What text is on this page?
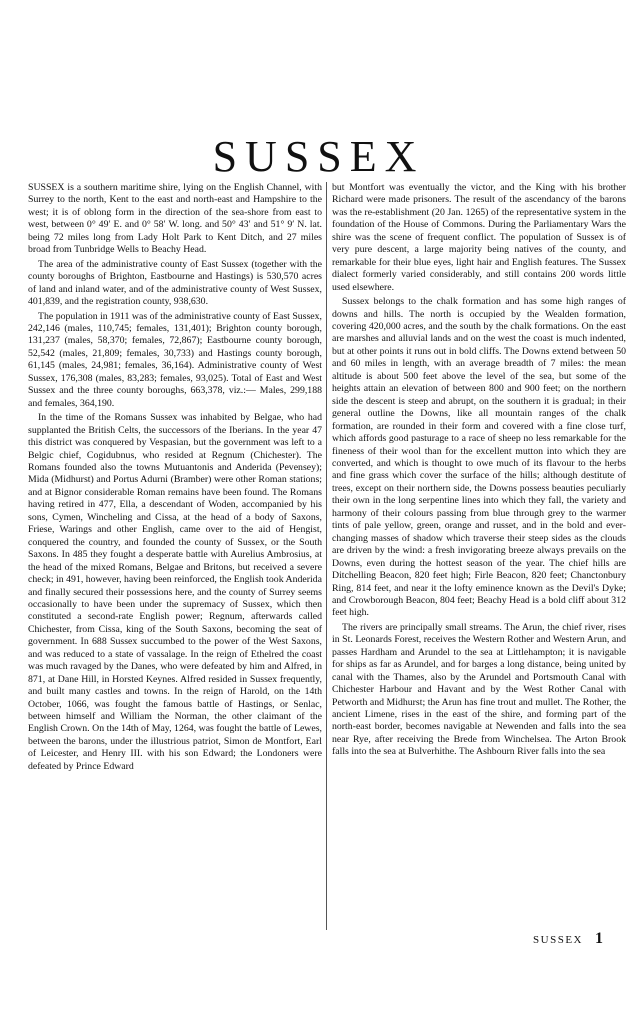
SUSSEX

SUSSEX is a southern maritime shire, lying on the English Channel, with Surrey to the north, Kent to the east and north-east and Hampshire to the west; it is of oblong form in the direction of the sea-shore from east to west, between 0° 49′ E. and 0° 58′ W. long. and 50° 43′ and 51° 9′ N. lat. being 72 miles long from Lady Holt Park to Kent Ditch, and 27 miles broad from Tunbridge Wells to Beachy Head.

The area of the administrative county of East Sussex (together with the county boroughs of Brighton, Eastbourne and Hastings) is 530,570 acres of land and inland water, and of the administrative county of West Sussex, 401,839, and the registration county, 938,630.

The population in 1911 was of the administrative county of East Sussex, 242,146 (males, 110,745; females, 131,401); Brighton county borough, 131,237 (males, 58,370; females, 72,867); Eastbourne county borough, 52,542 (males, 21,809; females, 30,733) and Hastings county borough, 61,145 (males, 24,981; females, 36,164). Administrative county of West Sussex, 176,308 (males, 83,283; females, 93,025). Total of East and West Sussex and the three county boroughs, 663,378, viz.:— Males, 299,188 and females, 364,190.

In the time of the Romans Sussex was inhabited by Belgae, who had supplanted the British Celts, the successors of the Iberians. In the year 47 this district was conquered by Vespasian, but the government was left to a Belgic chief, Cogidubnus, who resided at Regnum (Chichester). The Romans founded also the towns Mutuantonis and Anderida (Pevensey); Mida (Midhurst) and Portus Adurni (Bramber) were other Roman stations; and at Bignor considerable Roman remains have been found. The Romans having retired in 477, Ella, a descendant of Woden, accompanied by his sons, Cymen, Wincheling and Cissa, at the head of a body of Saxons, Friese, Warings and other English, came over to the aid of Hengist, conquered the country, and founded the county of Sussex, or the South Saxons. In 485 they fought a desperate battle with Aurelius Ambrosius, at the head of the mixed Romans, Belgae and Britons, but received a severe check; in 491, however, having been reinforced, the English took Anderida and finally secured their possessions here, and the county of Surrey seems occasionally to have been under the supremacy of Sussex, which then constituted a second-rate English power; Regnum, afterwards called Chichester, from Cissa, king of the South Saxons, becoming the seat of government. In 688 Sussex succumbed to the power of the West Saxons, and was reduced to a state of vassalage. In the reign of Ethelred the coast was much ravaged by the Danes, who were defeated by him and Alfred, in 871, at Dane Hill, in Horsted Keynes. Alfred resided in Sussex frequently, and built many castles and towns. In the reign of Harold, on the 14th October, 1066, was fought the famous battle of Hastings, or Senlac, between himself and William the Norman, the other claimant of the English Crown. On the 14th of May, 1264, was fought the battle of Lewes, between the barons, under the illustrious patriot, Simon de Montfort, Earl of Leicester, and Henry III. with his son Edward; the Londoners were defeated by Prince Edward

but Montfort was eventually the victor, and the King with his brother Richard were made prisoners. The result of the ascendancy of the barons was the re-establishment (20 Jan. 1265) of the representative system in the foundation of the House of Commons. During the Parliamentary Wars the shire was the scene of frequent conflict. The population of Sussex is of very pure descent, a large majority being natives of the county, and remarkable for their blue eyes, light hair and English features. The Sussex dialect formerly varied considerably, and still contains 200 words little used elsewhere.

Sussex belongs to the chalk formation and has some high ranges of downs and hills. The north is occupied by the Wealden formation, covering 420,000 acres, and the south by the chalk formations. On the east are marshes and alluvial lands and on the west the coast is much indented, but at other points it runs out in bold cliffs. The Downs extend between 50 and 60 miles in length, with an average breadth of 7 miles: the mean altitude is about 500 feet above the level of the sea, but some of the heights attain an elevation of between 800 and 900 feet; on the northern side the descent is steep and abrupt, on the southern it is gradual; in their general outline the Downs, like all mountain ranges of the chalk formation, are rounded in their form and covered with a fine close turf, which affords good pasturage to a race of sheep no less remarkable for the fineness of their wool than for the excellent mutton into which they are converted, and which is thought to owe much of its flavour to the herbs and fine grass which cover the surface of the hills; although destitute of trees, except on their northern side, the Downs possess beauties peculiarly their own in the long serpentine lines into which they fall, the variety and harmony of their colours passing from blue through grey to the warmer tints of pale yellow, green, orange and russet, and in the bold and ever-changing masses of shadow which traverse their steep sides as the clouds are driven by the wind: a fresh invigorating breeze always prevails on the Downs, even during the hottest season of the year. The chief hills are Ditchelling Beacon, 820 feet high; Firle Beacon, 820 feet; Chanctonbury Ring, 814 feet, and near it the lofty eminence known as the Devil's Dyke; and Crowborough Beacon, 804 feet; Beachy Head is a bold cliff about 312 feet high.

The rivers are principally small streams. The Arun, the chief river, rises in St. Leonards Forest, receives the Western Rother and Western Arun, and passes Hardham and Arundel to the sea at Littlehampton; it is navigable for ships as far as Arundel, and for barges a long distance, being united by canal with the Thames, also by the Arundel and Portsmouth Canal with Chichester Harbour and Havant and by the West Rother Canal with Petworth and Midhurst; the Arun has fine trout and mullet. The Rother, the ancient Limene, rises in the east of the shire, and forming part of the north-east border, becomes navigable at Newenden and falls into the sea near Rye, after receiving the Brede from Winchelsea. The Arton Brook falls into the sea at Bulverhithe. The Ashbourn River falls into the sea

SUSSEX 1
